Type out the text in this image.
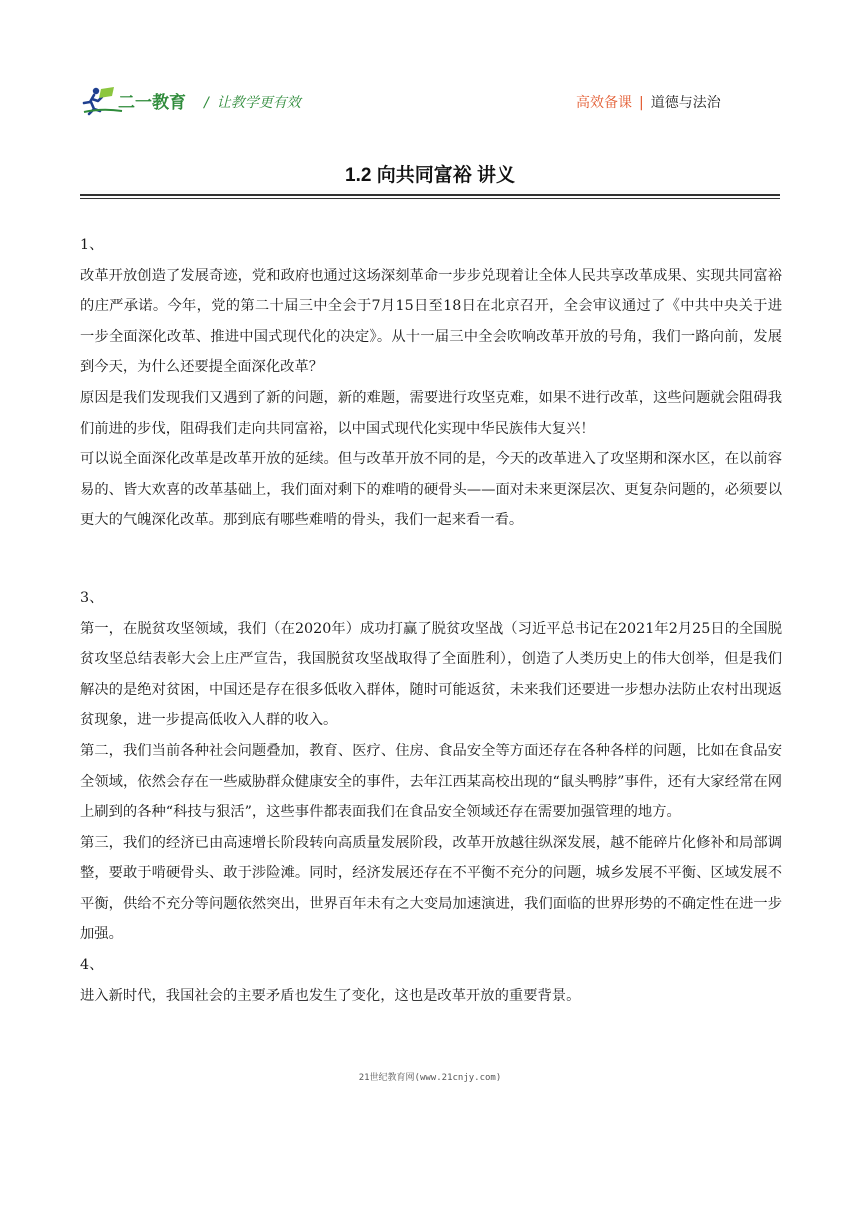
二一教育 / 让教学更有效	高效备课 | 道德与法治
1.2 向共同富裕 讲义

1、

改革开放创造了发展奇迹，党和政府也通过这场深刻革命一步步兑现着让全体人民共享改革成果、实现共同富裕的庄严承诺。今年，党的第二十届三中全会于7月15日至18日在北京召开，全会审议通过了《中共中央关于进一步全面深化改革、推进中国式现代化的决定》。从十一届三中全会吹响改革开放的号角，我们一路向前，发展到今天，为什么还要提全面深化改革？

原因是我们发现我们又遇到了新的问题，新的难题，需要进行攻坚克难，如果不进行改革，这些问题就会阻碍我们前进的步伐，阻碍我们走向共同富裕，以中国式现代化实现中华民族伟大复兴！

可以说全面深化改革是改革开放的延续。但与改革开放不同的是，今天的改革进入了攻坚期和深水区，在以前容易的、皆大欢喜的改革基础上，我们面对剩下的难啃的硬骨头——面对未来更深层次、更复杂问题的，必须要以更大的气魄深化改革。那到底有哪些难啃的骨头，我们一起来看一看。

3、

第一，在脱贫攻坚领域，我们（在2020年）成功打赢了脱贫攻坚战（习近平总书记在2021年2月25日的全国脱贫攻坚总结表彰大会上庄严宣告，我国脱贫攻坚战取得了全面胜利），创造了人类历史上的伟大创举，但是我们解决的是绝对贫困，中国还是存在很多低收入群体，随时可能返贫，未来我们还要进一步想办法防止农村出现返贫现象，进一步提高低收入人群的收入。

第二，我们当前各种社会问题叠加，教育、医疗、住房、食品安全等方面还存在各种各样的问题，比如在食品安全领域，依然会存在一些威胁群众健康安全的事件，去年江西某高校出现的“鼠头鸭脖”事件，还有大家经常在网上刷到的各种“科技与狠活”，这些事件都表面我们在食品安全领域还存在需要加强管理的地方。

第三，我们的经济已由高速增长阶段转向高质量发展阶段，改革开放越往纵深发展，越不能碎片化修补和局部调整，要敢于啃硬骨头、敢于涉险滩。同时，经济发展还存在不平衡不充分的问题，城乡发展不平衡、区域发展不平衡，供给不充分等问题依然突出，世界百年未有之大变局加速演进，我们面临的世界形势的不确定性在进一步加强。

4、

进入新时代，我国社会的主要矛盾也发生了变化，这也是改革开放的重要背景。

21世纪教育网(www.21cnjy.com)
